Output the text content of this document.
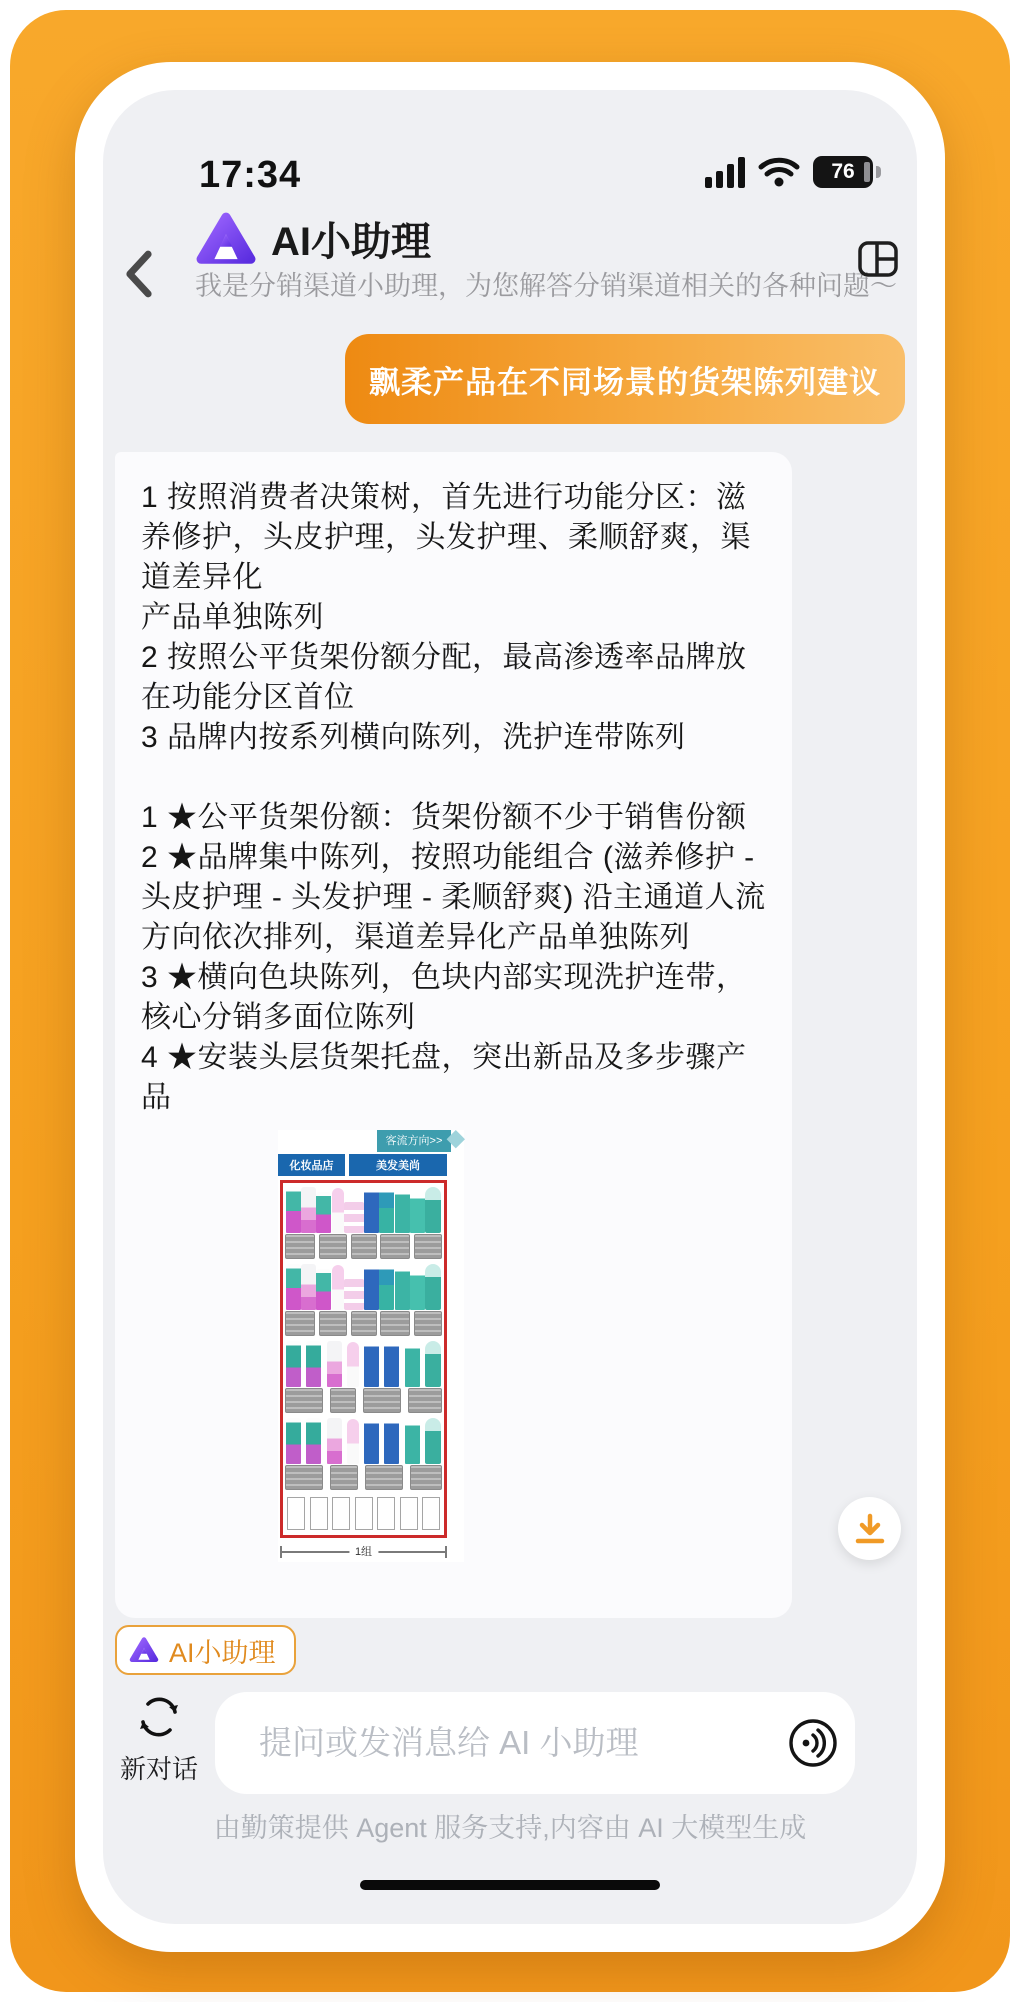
17:34	76
AI小助理
我是分销渠道小助理，为您解答分销渠道相关的各种问题～
飘柔产品在不同场景的货架陈列建议

1 按照消费者决策树，首先进行功能分区：滋养修护，头皮护理，头发护理、柔顺舒爽，渠道差异化

产品单独陈列

2 按照公平货架份额分配，最高渗透率品牌放在功能分区首位

3 品牌内按系列横向陈列，洗护连带陈列

1 ★公平货架份额：货架份额不少于销售份额

2 ★品牌集中陈列，按照功能组合 (滋养修护 - 头皮护理 - 头发护理 - 柔顺舒爽) 沿主通道人流方向依次排列，渠道差异化产品单独陈列

3 ★横向色块陈列，色块内部实现洗护连带，核心分销多面位陈列

4 ★安装头层货架托盘，突出新品及多步骤产品

客流方向>>
化妆品店	美发美尚
1组
AI小助理
新对话
提问或发消息给 AI 小助理
由勤策提供 Agent 服务支持,内容由 AI 大模型生成
